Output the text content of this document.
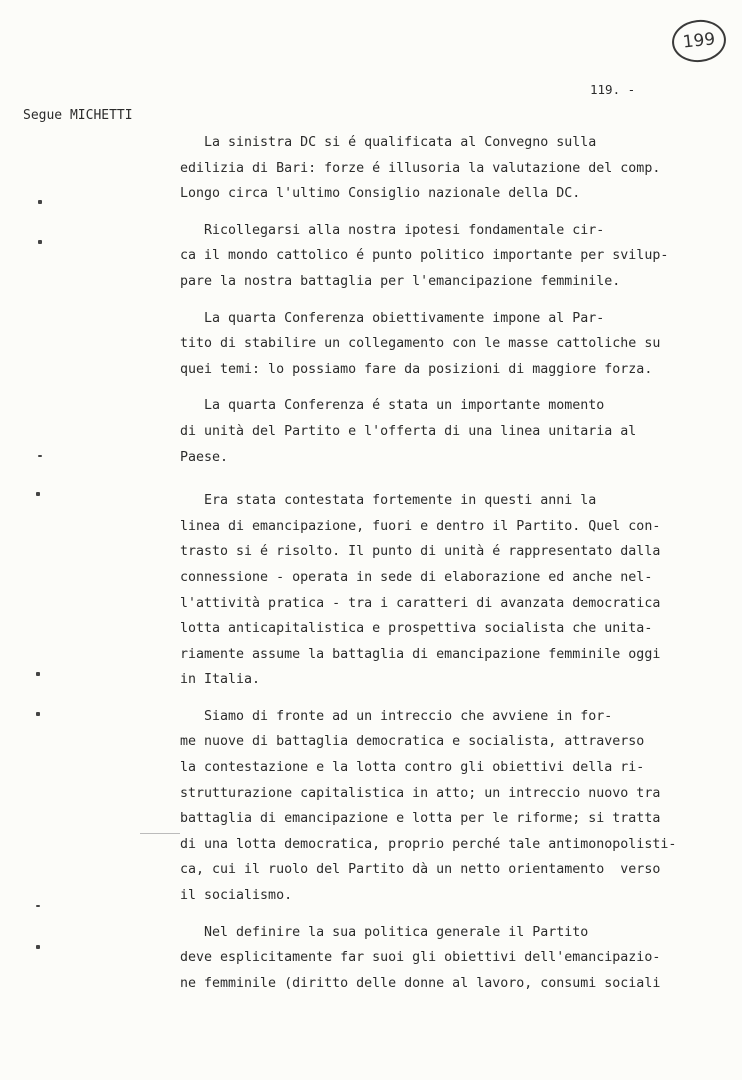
199
119. -
Segue MICHETTI

La sinistra DC si é qualificata al Convegno sulla
edilizia di Bari: forze é illusoria la valutazione del comp.
Longo circa l'ultimo Consiglio nazionale della DC.

Ricollegarsi alla nostra ipotesi fondamentale cir-
ca il mondo cattolico é punto politico importante per svilup-
pare la nostra battaglia per l'emancipazione femminile.

La quarta Conferenza obiettivamente impone al Par-
tito di stabilire un collegamento con le masse cattoliche su
quei temi: lo possiamo fare da posizioni di maggiore forza.

La quarta Conferenza é stata un importante momento
di unità del Partito e l'offerta di una linea unitaria al
Paese.

Era stata contestata fortemente in questi anni la
linea di emancipazione, fuori e dentro il Partito. Quel con-
trasto si é risolto. Il punto di unità é rappresentato dalla
connessione - operata in sede di elaborazione ed anche nel-
l'attività pratica - tra i caratteri di avanzata democratica
lotta anticapitalistica e prospettiva socialista che unita-
riamente assume la battaglia di emancipazione femminile oggi
in Italia.

Siamo di fronte ad un intreccio che avviene in for-
me nuove di battaglia democratica e socialista, attraverso
la contestazione e la lotta contro gli obiettivi della ri-
strutturazione capitalistica in atto; un intreccio nuovo tra
battaglia di emancipazione e lotta per le riforme; si tratta
di una lotta democratica, proprio perché tale antimonopolisti-
ca, cui il ruolo del Partito dà un netto orientamento  verso
il socialismo.

Nel definire la sua politica generale il Partito
deve esplicitamente far suoi gli obiettivi dell'emancipazio-
ne femminile (diritto delle donne al lavoro, consumi sociali
